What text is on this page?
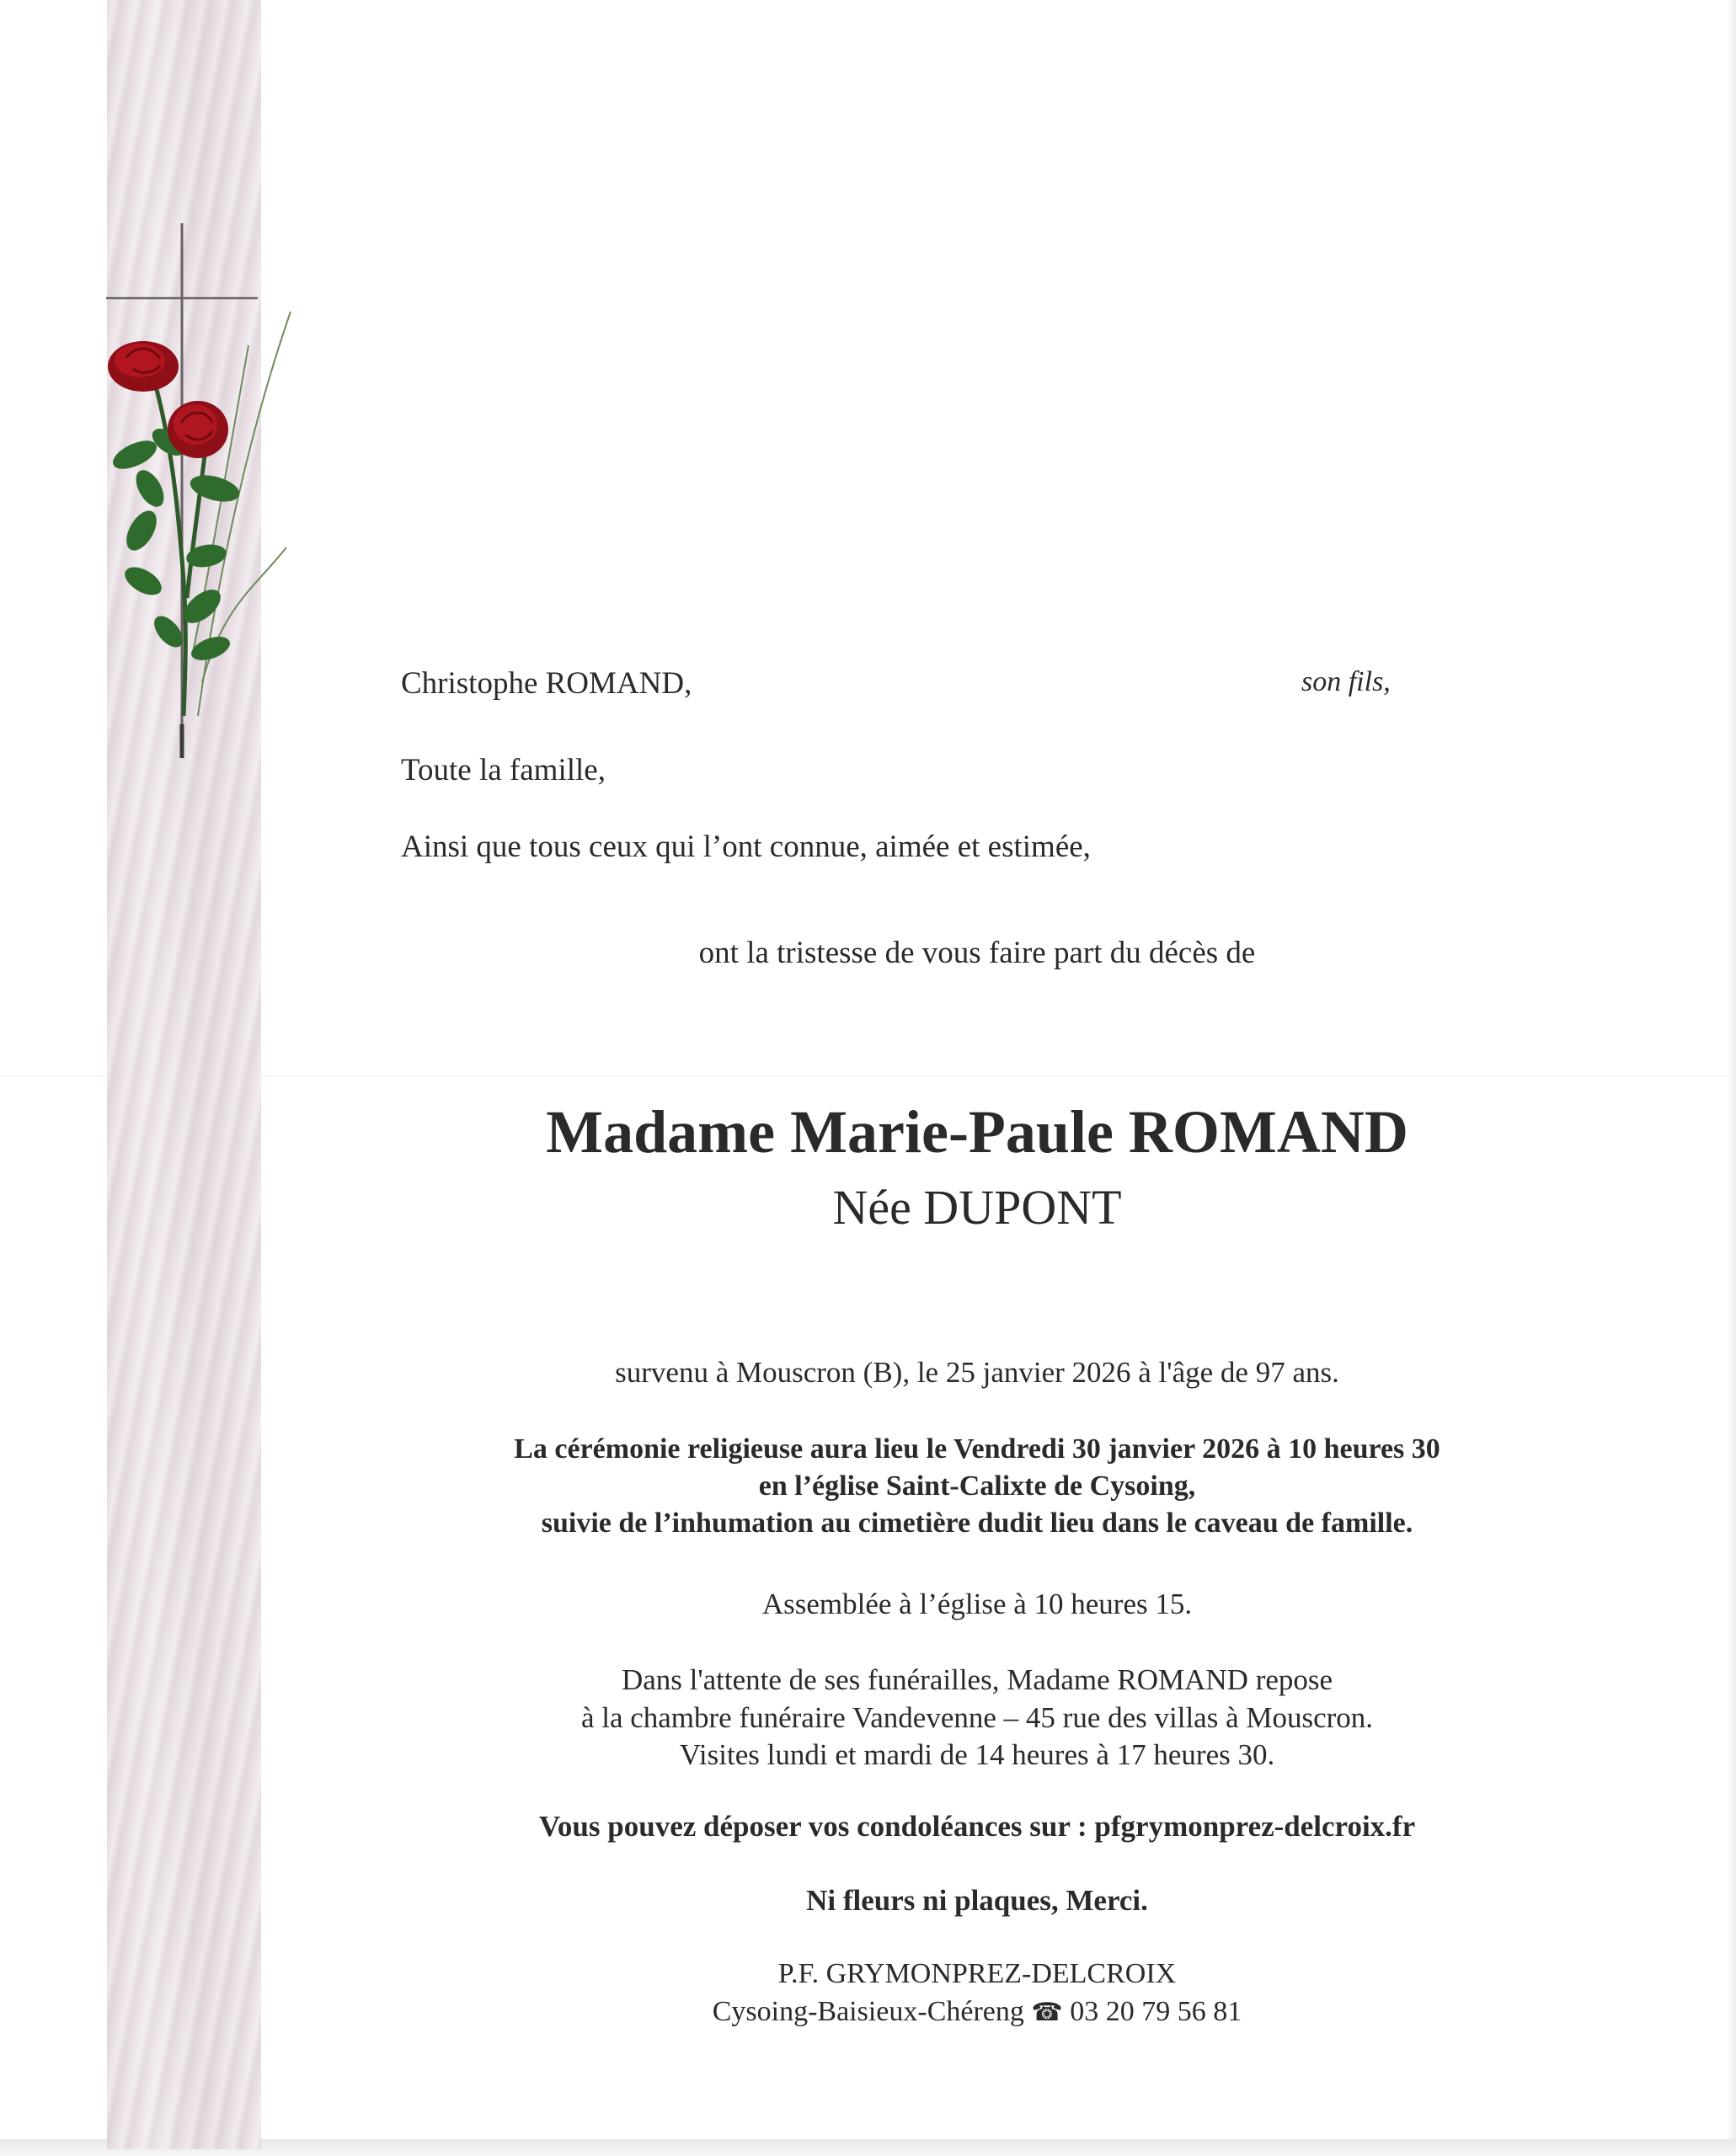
Christophe ROMAND,	son fils,
Toute la famille,
Ainsi que tous ceux qui l’ont connue, aimée et estimée,
ont la tristesse de vous faire part du décès de
Madame Marie-Paule ROMAND
Née DUPONT
survenu à Mouscron (B), le 25 janvier 2026 à l'âge de 97 ans.
La cérémonie religieuse aura lieu le Vendredi 30 janvier 2026 à 10 heures 30
en l’église Saint-Calixte de Cysoing,
suivie de l’inhumation au cimetière dudit lieu dans le caveau de famille.
Assemblée à l’église à 10 heures 15.
Dans l'attente de ses funérailles, Madame ROMAND repose
à la chambre funéraire Vandevenne – 45 rue des villas à Mouscron.
Visites lundi et mardi de 14 heures à 17 heures 30.
Vous pouvez déposer vos condoléances sur : pfgrymonprez-delcroix.fr
Ni fleurs ni plaques, Merci.
P.F. GRYMONPREZ-DELCROIX
Cysoing-Baisieux-Chéreng ☎ 03 20 79 56 81
